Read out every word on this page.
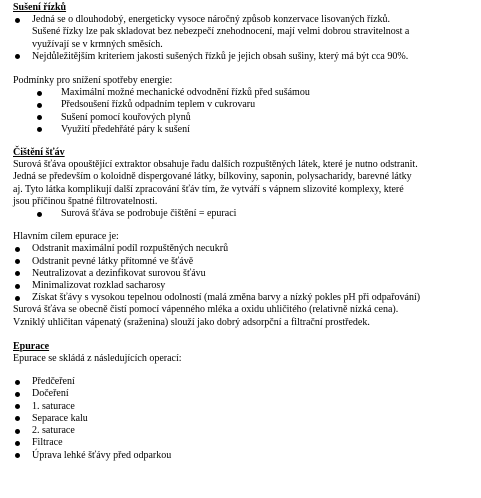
Sušení řízků

Jedná se o dlouhodobý, energeticky vysoce náročný způsob konzervace lisovaných řízků.

Sušené řízky lze pak skladovat bez nebezpečí znehodnocení, mají velmi dobrou stravitelnost a

využívají se v krmných směsích.

Nejdůležitějším kriteriem jakosti sušených řízků je jejich obsah sušiny, který má být cca 90%.

Podmínky pro snížení spotřeby energie:

Maximální možné mechanické odvodnění řízků před sušámou
Předsoušení řízků odpadním teplem v cukrovaru
Sušení pomocí kouřových plynů
Využití předehřáté páry k sušení

Čištění šťáv

Surová šťáva opouštějící extraktor obsahuje řadu dalších rozpuštěných látek, které je nutno odstranit.

Jedná se především o koloidně dispergované látky, bílkoviny, saponin, polysacharidy, barevné látky

aj. Tyto látka komplikují další zpracování šťáv tím, že vytváří s vápnem slizovité komplexy, které

jsou příčinou špatné filtrovatelnosti.

Surová šťáva se podrobuje čištění = epuraci

Hlavním cílem epurace je:

Odstranit maximální podíl rozpuštěných necukrů
Odstranit pevné látky přítomné ve šťávě
Neutralizovat a dezinfikovat surovou šťávu
Minimalizovat rozklad sacharosy
Získat šťávy s vysokou tepelnou odolností (malá změna barvy a nízký pokles pH při odpařování)

Surová šťáva se obecně čistí pomocí vápenného mléka a oxidu uhličitého (relativně nízká cena).

Vzniklý uhličitan vápenatý (sraženina) slouží jako dobrý adsorpční a filtrační prostředek.

Epurace

Epurace se skládá z následujících operací:

Předčeření
Dočeření
1. saturace
Separace kalu
2. saturace
Filtrace
Úprava lehké šťávy před odparkou
